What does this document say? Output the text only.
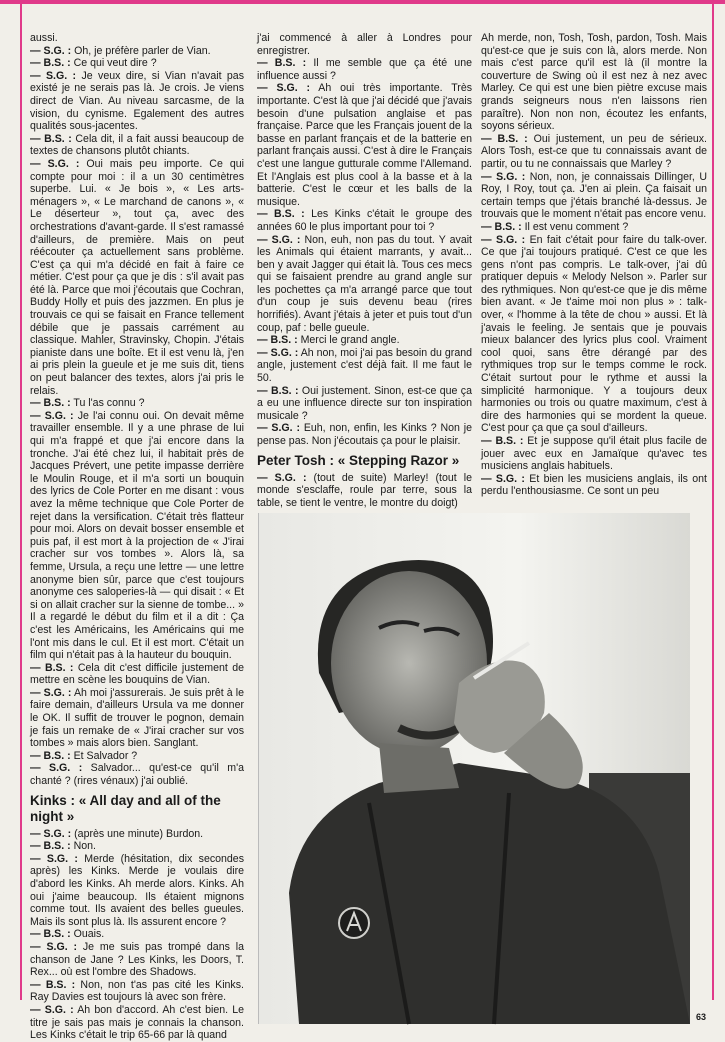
aussi.

— S.G. : Oh, je préfère parler de Vian.

— B.S. : Ce qui veut dire ?

— S.G. : Je veux dire, si Vian n'avait pas existé je ne serais pas là. Je crois. Je viens direct de Vian. Au niveau sarcasme, de la vision, du cynisme. Egalement des autres qualités sous-jacentes.

— B.S. : Cela dit, il a fait aussi beaucoup de textes de chansons plutôt chiants.

— S.G. : Oui mais peu importe. Ce qui compte pour moi : il a un 30 centimètres superbe. Lui. « Je bois », « Les arts-ménagers », « Le marchand de canons », « Le déserteur », tout ça, avec des orchestrations d'avant-garde. Il s'est ramassé d'ailleurs, de première. Mais on peut réécouter ça actuellement sans problème. C'est ça qui m'a décidé en fait à faire ce métier. C'est pour ça que je dis : s'il avait pas été là. Parce que moi j'écoutais que Cochran, Buddy Holly et puis des jazzmen. En plus je trouvais ce qui se faisait en France tellement débile que je passais carrément au classique. Mahler, Stravinsky, Chopin. J'étais pianiste dans une boîte. Et il est venu là, j'en ai pris plein la gueule et je me suis dit, tiens on peut balancer des textes, alors j'ai pris le relais.

— B.S. : Tu l'as connu ?

— S.G. : Je l'ai connu oui. On devait même travailler ensemble. Il y a une phrase de lui qui m'a frappé et que j'ai encore dans la tronche. J'ai été chez lui, il habitait près de Jacques Prévert, une petite impasse derrière le Moulin Rouge, et il m'a sorti un bouquin des lyrics de Cole Porter en me disant : vous avez la même technique que Cole Porter de rejet dans la versification. C'était très flatteur pour moi. Alors on devait bosser ensemble et puis paf, il est mort à la projection de « J'irai cracher sur vos tombes ». Alors là, sa femme, Ursula, a reçu une lettre — une lettre anonyme bien sûr, parce que c'est toujours anonyme ces saloperies-là — qui disait : « Et si on allait cracher sur la sienne de tombe... » Il a regardé le début du film et il a dit : Ça c'est les Américains, les Américains qui me l'ont mis dans le cul. Et il est mort. C'était un film qui n'était pas à la hauteur du bouquin.

— B.S. : Cela dit c'est difficile justement de mettre en scène les bouquins de Vian.

— S.G. : Ah moi j'assurerais. Je suis prêt à le faire demain, d'ailleurs Ursula va me donner le OK. Il suffit de trouver le pognon, demain je fais un remake de « J'irai cracher sur vos tombes » mais alors bien. Sanglant.

— B.S. : Et Salvador ?

— S.G. : Salvador... qu'est-ce qu'il m'a chanté ? (rires vénaux) j'ai oublié.

Kinks : « All day and all of the night »

— S.G. : (après une minute) Burdon.

— B.S. : Non.

— S.G. : Merde (hésitation, dix secondes après) les Kinks. Merde je voulais dire d'abord les Kinks. Ah merde alors. Kinks. Ah oui j'aime beaucoup. Ils étaient mignons comme tout. Ils avaient des belles gueules. Mais ils sont plus là. Ils assurent encore ?

— B.S. : Ouais.

— S.G. : Je me suis pas trompé dans la chanson de Jane ? Les Kinks, les Doors, T. Rex... où est l'ombre des Shadows.

— B.S. : Non, non t'as pas cité les Kinks. Ray Davies est toujours là avec son frère.

— S.G. : Ah bon d'accord. Ah c'est bien. Le titre je sais pas mais je connais la chanson. Les Kinks c'était le trip 65-66 par là quand

j'ai commencé à aller à Londres pour enregistrer.

— B.S. : Il me semble que ça été une influence aussi ?

— S.G. : Ah oui très importante. Très importante. C'est là que j'ai décidé que j'avais besoin d'une pulsation anglaise et pas française. Parce que les Français jouent de la basse en parlant français et de la batterie en parlant français aussi. C'est à dire le Français c'est une langue gutturale comme l'Allemand. Et l'Anglais est plus cool à la basse et à la batterie. C'est le cœur et les balls de la musique.

— B.S. : Les Kinks c'était le groupe des années 60 le plus important pour toi ?

— S.G. : Non, euh, non pas du tout. Y avait les Animals qui étaient marrants, y avait... ben y avait Jagger qui était là. Tous ces mecs qui se faisaient prendre au grand angle sur les pochettes ça m'a arrangé parce que tout d'un coup je suis devenu beau (rires horrifiés). Avant j'étais à jeter et puis tout d'un coup, paf : belle gueule.

— B.S. : Merci le grand angle.

— S.G. : Ah non, moi j'ai pas besoin du grand angle, justement c'est déjà fait. Il me faut le 50.

— B.S. : Oui justement. Sinon, est-ce que ça a eu une influence directe sur ton inspiration musicale ?

— S.G. : Euh, non, enfin, les Kinks ? Non je pense pas. Non j'écoutais ça pour le plaisir.

Peter Tosh : « Stepping Razor »

— S.G. : (tout de suite) Marley! (tout le monde s'esclaffe, roule par terre, sous la table, se tient le ventre, le montre du doigt)

Ah merde, non, Tosh, Tosh, pardon, Tosh. Mais qu'est-ce que je suis con là, alors merde. Non mais c'est parce qu'il est là (il montre la couverture de Swing où il est nez à nez avec Marley. Ce qui est une bien piètre excuse mais grands seigneurs nous n'en laissons rien paraître). Non non non, écoutez les enfants, soyons sérieux.

— B.S. : Oui justement, un peu de sérieux. Alors Tosh, est-ce que tu connaissais avant de partir, ou tu ne connaissais que Marley ?

— S.G. : Non, non, je connaissais Dillinger, U Roy, I Roy, tout ça. J'en ai plein. Ça faisait un certain temps que j'étais branché là-dessus. Je trouvais que le moment n'était pas encore venu.

— B.S. : Il est venu comment ?

— S.G. : En fait c'était pour faire du talk-over. Ce que j'ai toujours pratiqué. C'est ce que les gens n'ont pas compris. Le talk-over, j'ai dû pratiquer depuis « Melody Nelson ». Parler sur des rythmiques. Non qu'est-ce que je dis même bien avant. « Je t'aime moi non plus » : talk-over, « l'homme à la tête de chou » aussi. Et là j'avais le feeling. Je sentais que je pouvais mieux balancer des lyrics plus cool. Vraiment cool quoi, sans être dérangé par des rythmiques trop sur le temps comme le rock. C'était surtout pour le rythme et aussi la simplicité harmonique. Y a toujours deux harmonies ou trois ou quatre maximum, c'est à dire des harmonies qui se mordent la queue. C'est pour ça que ça soul d'ailleurs.

— B.S. : Et je suppose qu'il était plus facile de jouer avec eux en Jamaïque qu'avec tes musiciens anglais habituels.

— S.G. : Et bien les musiciens anglais, ils ont perdu l'enthousiasme. Ce sont un peu

63
